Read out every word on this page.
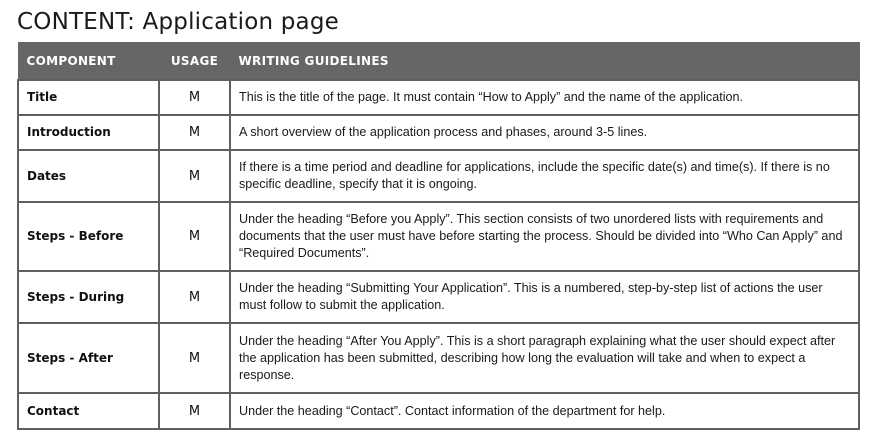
CONTENT: Application page
COMPONENT	USAGE	WRITING GUIDELINES
Title	M	This is the title of the page. It must contain “How to Apply” and the name of the application.
Introduction	M	A short overview of the application process and phases, around 3-5 lines.
Dates	M	If there is a time period and deadline for applications, include the specific date(s) and time(s). If there is no specific deadline, specify that it is ongoing.
Steps - Before	M	Under the heading “Before you Apply”. This section consists of two unordered lists with requirements and documents that the user must have before starting the process. Should be divided into “Who Can Apply” and “Required Documents”.
Steps - During	M	Under the heading “Submitting Your Application”. This is a numbered, step-by-step list of actions the user must follow to submit the application.
Steps - After	M	Under the heading “After You Apply”. This is a short paragraph explaining what the user should expect after the application has been submitted, describing how long the evaluation will take and when to expect a response.
Contact	M	Under the heading “Contact”. Contact information of the department for help.
